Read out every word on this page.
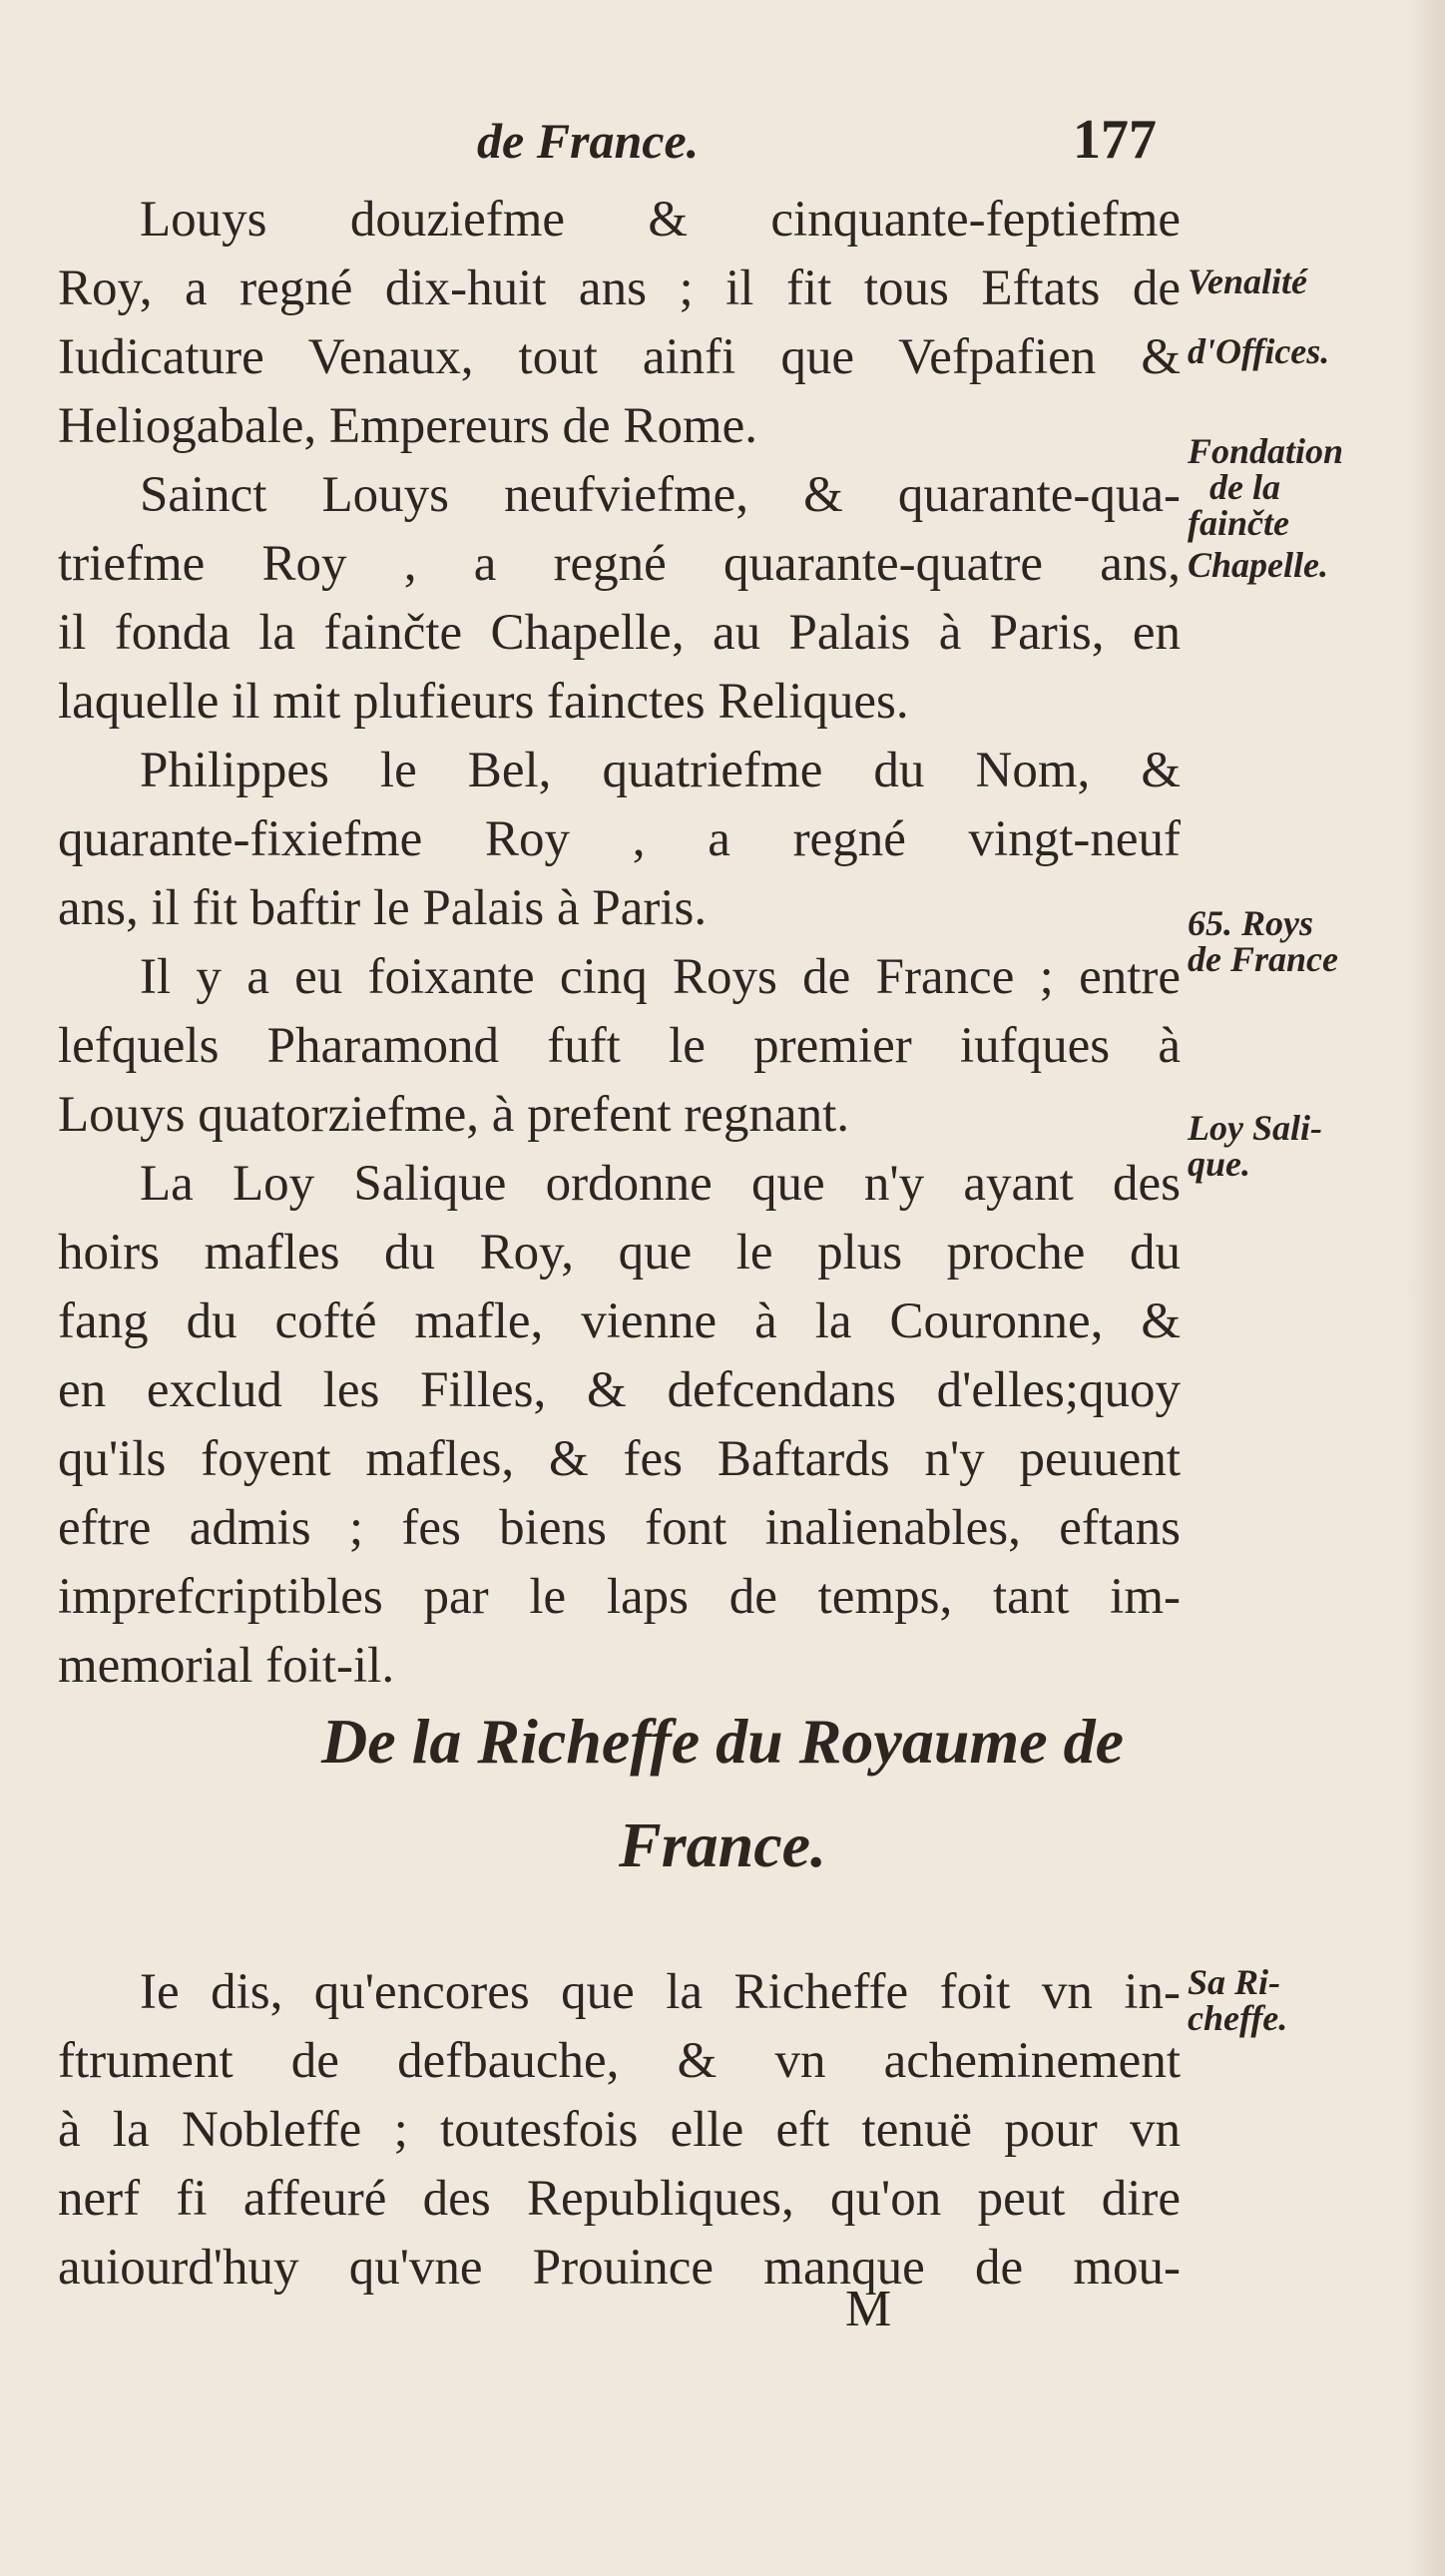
de France.	177
Louys douziefme & cinquante-feptiefme
Roy, a regné dix-huit ans ; il fit tous Eftats de
Iudicature Venaux, tout ainfi que Vefpafien &
Heliogabale, Empereurs de Rome.
Sainct Louys neufviefme, & quarante-qua-
triefme Roy , a regné quarante-quatre ans,
il fonda la fainčte Chapelle, au Palais à Paris, en
laquelle il mit plufieurs fainctes Reliques.
Philippes le Bel, quatriefme du Nom, &
quarante-fixiefme Roy , a regné vingt-neuf
ans, il fit baftir le Palais à Paris.
Il y a eu foixante cinq Roys de France ; entre
lefquels Pharamond fuft le premier iufques à
Louys quatorziefme, à prefent regnant.
La Loy Salique ordonne que n'y ayant des
hoirs mafles du Roy, que le plus proche du
fang du cofté mafle, vienne à la Couronne, &
en exclud les Filles, & defcendans d'elles;quoy
qu'ils foyent mafles, & fes Baftards n'y peuuent
eftre admis ; fes biens font inalienables, eftans
imprefcriptibles par le laps de temps, tant im-
memorial foit-il.
De la Richeffe du Royaume de
France.
Ie dis, qu'encores que la Richeffe foit vn in-
ftrument de defbauche, & vn acheminement
à la Nobleffe ; toutesfois elle eft tenuë pour vn
nerf fi affeuré des Republiques, qu'on peut dire
auiourd'huy qu'vne Prouince manque de mou-
M
Venalité
d'Offices.
Fondation
de la
fainčte
Chapelle.
65. Roys
de France
Loy Sali-
que.
Sa Ri-
cheffe.
